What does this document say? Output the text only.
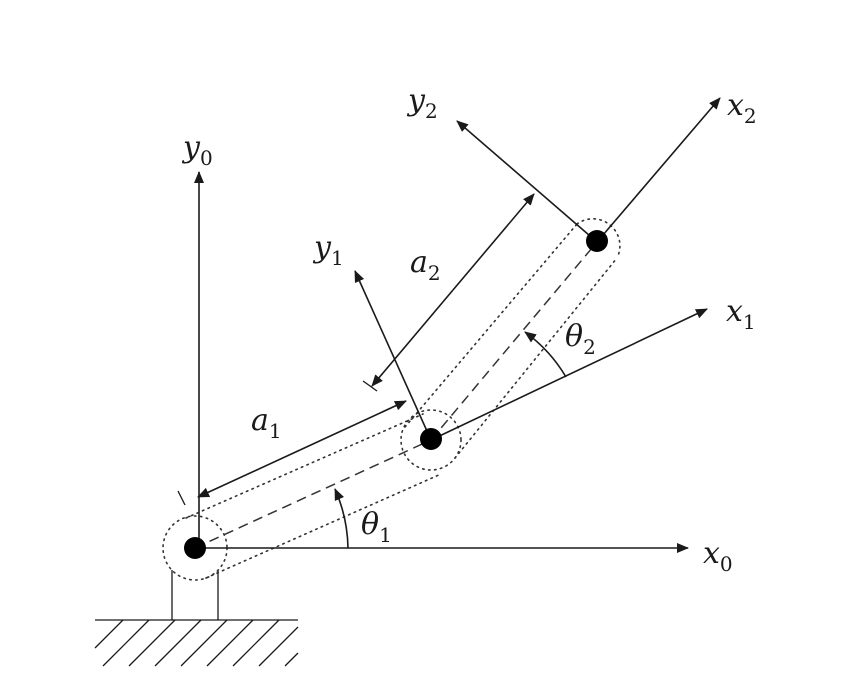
x0
y0
x1
y1
x2
y2
a1
a2
θ1
θ2
